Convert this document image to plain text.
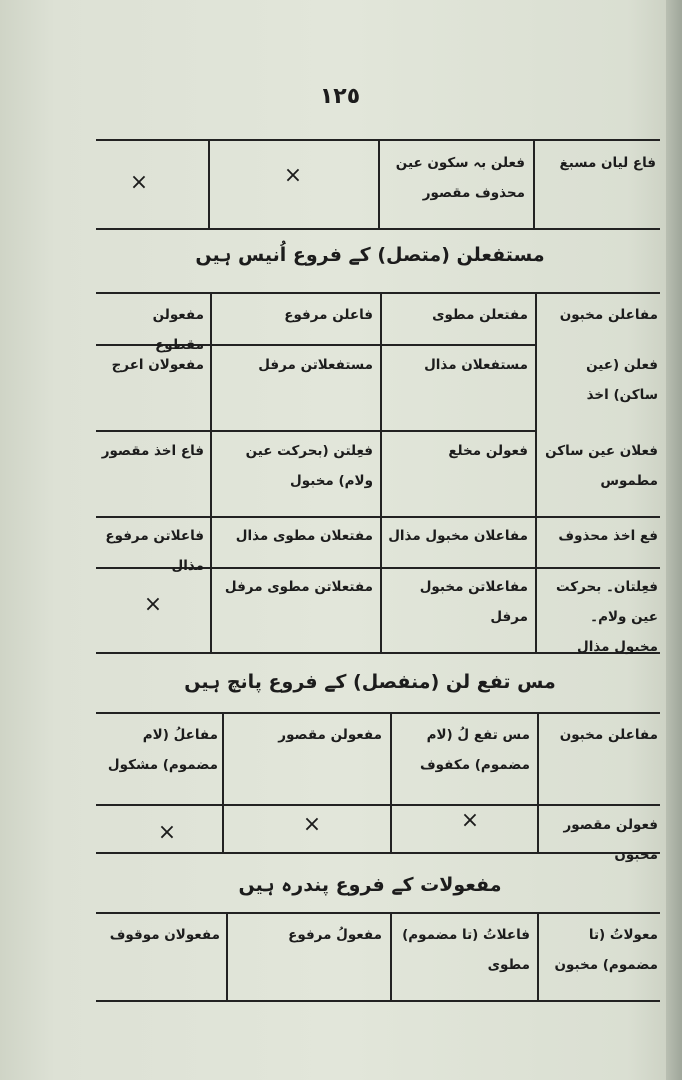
١٢٥
فاع لیان مسبغ
فعلن بہ سکون عین محذوف مقصور
×
×
مستفعلن (متصل) کے فروع اُنیس ہیں
مفاعلن مخبون
مفتعلن مطوی
فاعلن مرفوع
مفعولن مقطوع
فعلن (عین ساکن) اخذ
مستفعلان مذال
مستفعلاتن مرفل
مفعولان اعرج
فعلان عین ساکن مطموس
فعولن مخلع
فعِلتن (بحرکت عین ولام) مخبول
فاع اخذ مقصور
فع اخذ محذوف
مفاعلان مخبول مذال
مفتعلان مطوی مذال
فاعلاتن مرفوع مذال
فعِلتان۔ بحرکت عین ولام۔ مخبول مذال
مفاعلاتن مخبول مرفل
مفتعلاتن مطوی مرفل
×
مس تفع لن (منفصل) کے فروع پانچ ہیں
مفاعلن مخبون
مس تفع لُ (لام مضموم) مکفوف
مفعولن مقصور
مفاعلُ (لام مضموم) مشکول
فعولن مقصور مخبون
×
×
×
مفعولات کے فروع پندرہ ہیں
معولاتُ (تا مضموم) مخبون
فاعلاتُ (تا مضموم) مطوی
مفعولُ مرفوع
مفعولان موقوف
